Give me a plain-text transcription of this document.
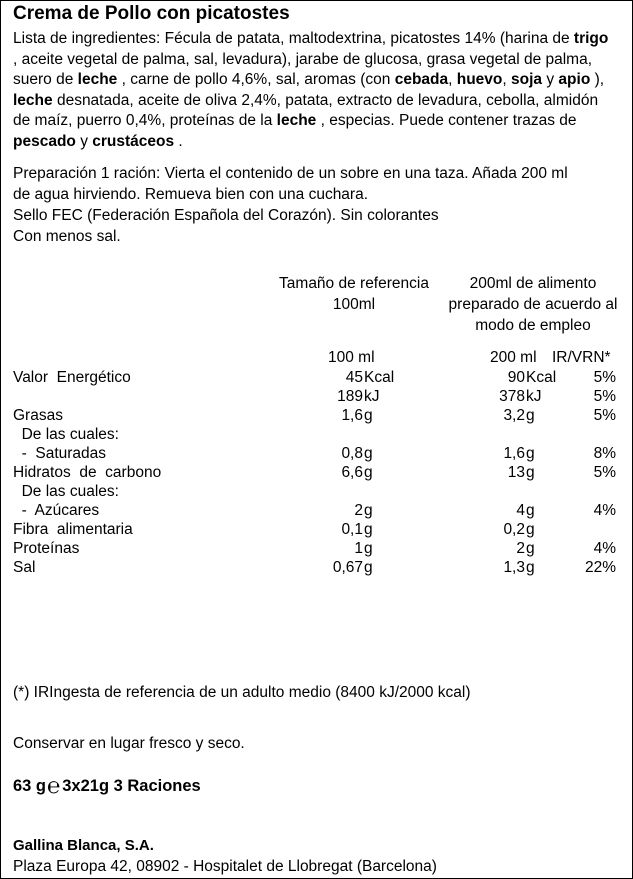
Crema de Pollo con picatostes
Lista de ingredientes: Fécula de patata, maltodextrina, picatostes 14% (harina de trigo , aceite vegetal de palma, sal, levadura), jarabe de glucosa, grasa vegetal de palma, suero de leche , carne de pollo 4,6%, sal, aromas (con cebada, huevo, soja y apio ), leche desnatada, aceite de oliva 2,4%, patata, extracto de levadura, cebolla, almidón de maíz, puerro 0,4%, proteínas de la leche , especias. Puede contener trazas de pescado y crustáceos .
Preparación 1 ración: Vierta el contenido de un sobre en una taza. Añada 200 ml
de agua hirviendo. Remueva bien con una cuchara.
Sello FEC (Federación Española del Corazón). Sin colorantes
Con menos sal.
Tamaño de referencia
100ml
200ml de alimento
preparado de acuerdo al
modo de empleo
100 ml	200 ml IR/VRN*
Valor  Energético	45 Kcal	90 Kcal	5%
189 kJ	378 kJ	5%
Grasas	1,6 g	3,2 g	5%
De las cuales:
-  Saturadas	0,8 g	1,6 g	8%
Hidratos  de  carbono	6,6 g	13 g	5%
De las cuales:
-  Azúcares	2 g	4 g	4%
Fibra  alimentaria	0,1 g	0,2 g
Proteínas	1 g	2 g	4%
Sal	0,67 g	1,3 g	22%
(*) IRIngesta de referencia de un adulto medio (8400 kJ/2000 kcal)
Conservar en lugar fresco y seco.
63 g℮ 3x21g 3 Raciones
Gallina Blanca, S.A.
Plaza Europa 42, 08902 - Hospitalet de Llobregat (Barcelona)
